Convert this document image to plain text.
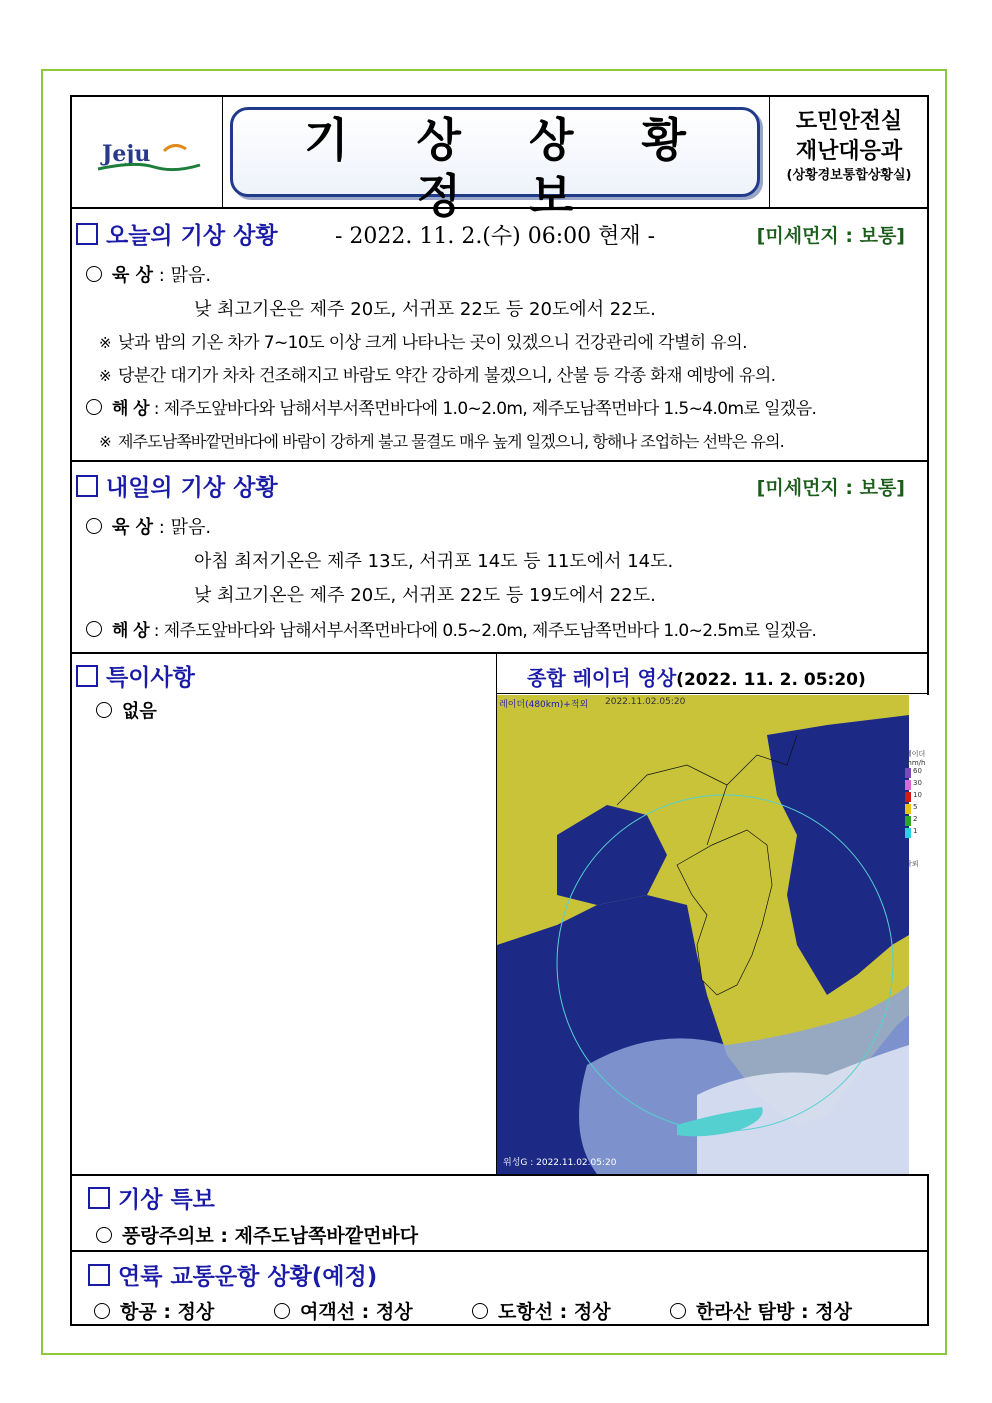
Jeju	기 상 상 황 정 보
- 2022. 11. 2.(수) 06:00 현재 -
도민안전실
재난대응과
(상황경보통합상황실)
오늘의 기상 상황	[미세먼지 : 보통]
육 상 : 맑음.
낮 최고기온은 제주 20도, 서귀포 22도 등 20도에서 22도.
※ 낮과 밤의 기온 차가 7~10도 이상 크게 나타나는 곳이 있겠으니 건강관리에 각별히 유의.
※ 당분간 대기가 차차 건조해지고 바람도 약간 강하게 불겠으니, 산불 등 각종 화재 예방에 유의.
해 상 : 제주도앞바다와 남해서부서쪽먼바다에 1.0~2.0m, 제주도남쪽먼바다 1.5~4.0m로 일겠음.
※ 제주도남쪽바깥먼바다에 바람이 강하게 불고 물결도 매우 높게 일겠으니, 항해나 조업하는 선박은 유의.
내일의 기상 상황	[미세먼지 : 보통]
육 상 : 맑음.
아침 최저기온은 제주 13도, 서귀포 14도 등 11도에서 14도.
낮 최고기온은 제주 20도, 서귀포 22도 등 19도에서 22도.
해 상 : 제주도앞바다와 남해서부서쪽먼바다에 0.5~2.0m, 제주도남쪽먼바다 1.0~2.5m로 일겠음.
특이사항
없음
종합 레이더 영상(2022. 11. 2. 05:20)
레이더(480km)+적외 2022.11.02.05:20
위성G : 2022.11.02.05:20
레이더
mm/h
60
30
10
5
2
1
낙뢰
기상 특보
풍랑주의보 : 제주도남쪽바깥먼바다
연륙 교통운항 상황(예정)
항공 : 정상	여객선 : 정상	도항선 : 정상	한라산 탐방 : 정상
